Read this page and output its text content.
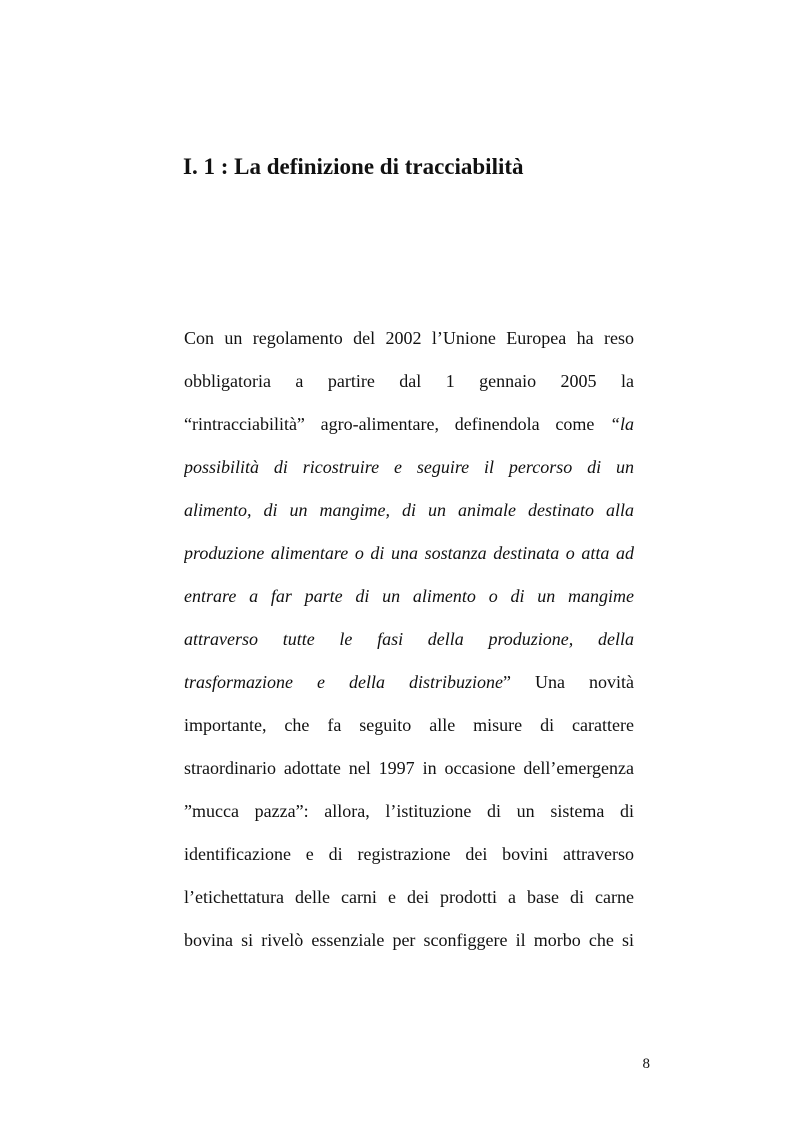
I. 1 : La definizione di tracciabilità
Con un regolamento del 2002 l’Unione Europea ha reso
obbligatoria a partire dal 1 gennaio 2005 la
“rintracciabilità” agro-alimentare, definendola come “la
possibilità di ricostruire e seguire il percorso di un
alimento, di un mangime, di un animale destinato alla
produzione alimentare o di una sostanza destinata o atta ad
entrare a far parte di un alimento o di un mangime
attraverso tutte le fasi della produzione, della
trasformazione e della distribuzione” Una novità
importante, che fa seguito alle misure di carattere
straordinario adottate nel 1997 in occasione dell’emergenza
”mucca pazza”: allora, l’istituzione di un sistema di
identificazione e di registrazione dei bovini attraverso
l’etichettatura delle carni e dei prodotti a base di carne
bovina si rivelò essenziale per sconfiggere il morbo che si
8
